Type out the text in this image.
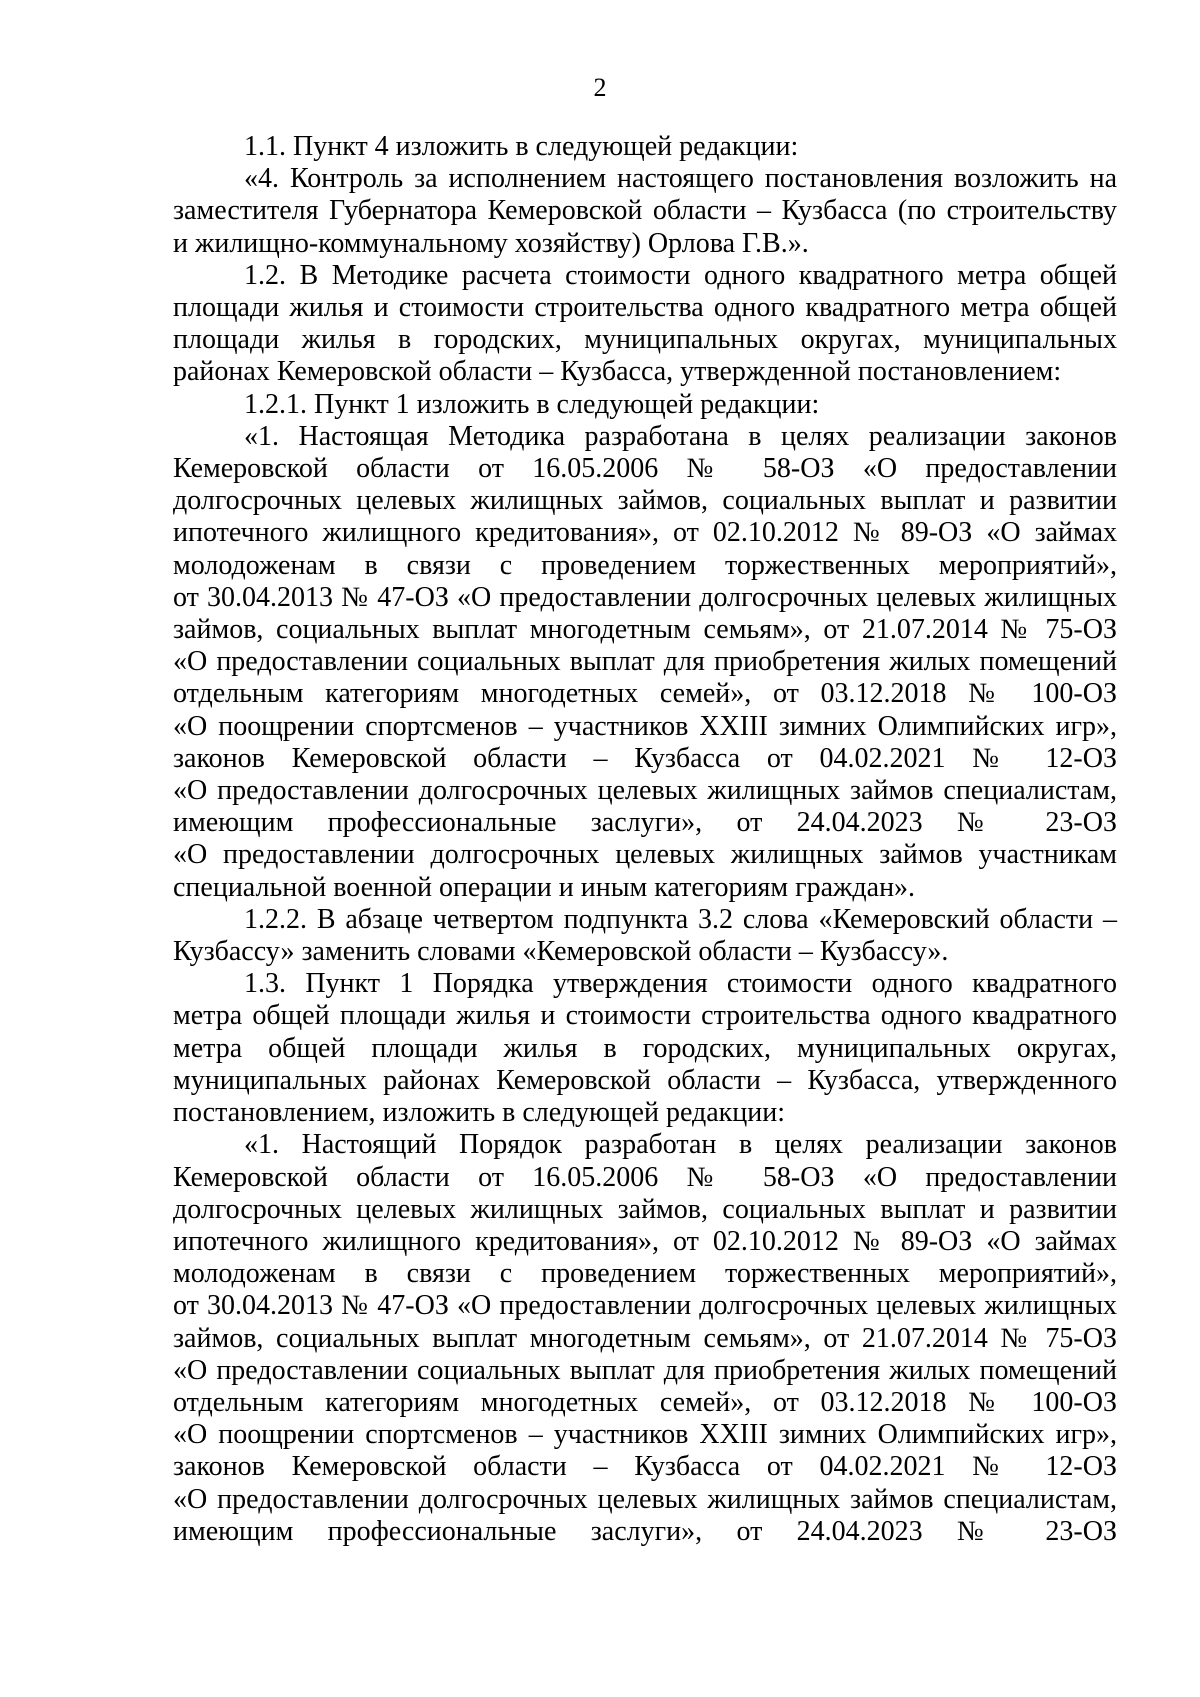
2

1.1. Пункт 4 изложить в следующей редакции:

«4. Контроль за исполнением настоящего постановления возложить на
заместителя Губернатора Кемеровской области – Кузбасса (по строительству
и жилищно-коммунальному хозяйству) Орлова Г.В.».

1.2. В Методике расчета стоимости одного квадратного метра общей
площади жилья и стоимости строительства одного квадратного метра общей
площади жилья в городских, муниципальных округах, муниципальных
районах Кемеровской области – Кузбасса, утвержденной постановлением:

1.2.1. Пункт 1 изложить в следующей редакции:

«1. Настоящая Методика разработана в целях реализации законов
Кемеровской области от 16.05.2006 № 58-ОЗ «О предоставлении
долгосрочных целевых жилищных займов, социальных выплат и развитии
ипотечного жилищного кредитования», от 02.10.2012 № 89-ОЗ «О займах
молодоженам в связи с проведением торжественных мероприятий»,
от 30.04.2013 № 47-ОЗ «О предоставлении долгосрочных целевых жилищных
займов, социальных выплат многодетным семьям», от 21.07.2014 № 75-ОЗ
«О предоставлении социальных выплат для приобретения жилых помещений
отдельным категориям многодетных семей», от 03.12.2018 № 100-ОЗ
«О поощрении спортсменов – участников XXIII зимних Олимпийских игр»,
законов Кемеровской области – Кузбасса от 04.02.2021 № 12-ОЗ
«О предоставлении долгосрочных целевых жилищных займов специалистам,
имеющим профессиональные заслуги», от 24.04.2023 № 23-ОЗ
«О предоставлении долгосрочных целевых жилищных займов участникам
специальной военной операции и иным категориям граждан».

1.2.2. В абзаце четвертом подпункта 3.2 слова «Кемеровский области –
Кузбассу» заменить словами «Кемеровской области – Кузбассу».

1.3. Пункт 1 Порядка утверждения стоимости одного квадратного
метра общей площади жилья и стоимости строительства одного квадратного
метра общей площади жилья в городских, муниципальных округах,
муниципальных районах Кемеровской области – Кузбасса, утвержденного
постановлением, изложить в следующей редакции:

«1. Настоящий Порядок разработан в целях реализации законов
Кемеровской области от 16.05.2006 № 58-ОЗ «О предоставлении
долгосрочных целевых жилищных займов, социальных выплат и развитии
ипотечного жилищного кредитования», от 02.10.2012 № 89-ОЗ «О займах
молодоженам в связи с проведением торжественных мероприятий»,
от 30.04.2013 № 47-ОЗ «О предоставлении долгосрочных целевых жилищных
займов, социальных выплат многодетным семьям», от 21.07.2014 № 75-ОЗ
«О предоставлении социальных выплат для приобретения жилых помещений
отдельным категориям многодетных семей», от 03.12.2018 № 100-ОЗ
«О поощрении спортсменов – участников XXIII зимних Олимпийских игр»,
законов Кемеровской области – Кузбасса от 04.02.2021 № 12-ОЗ
«О предоставлении долгосрочных целевых жилищных займов специалистам,
имеющим профессиональные заслуги», от 24.04.2023 № 23-ОЗ
